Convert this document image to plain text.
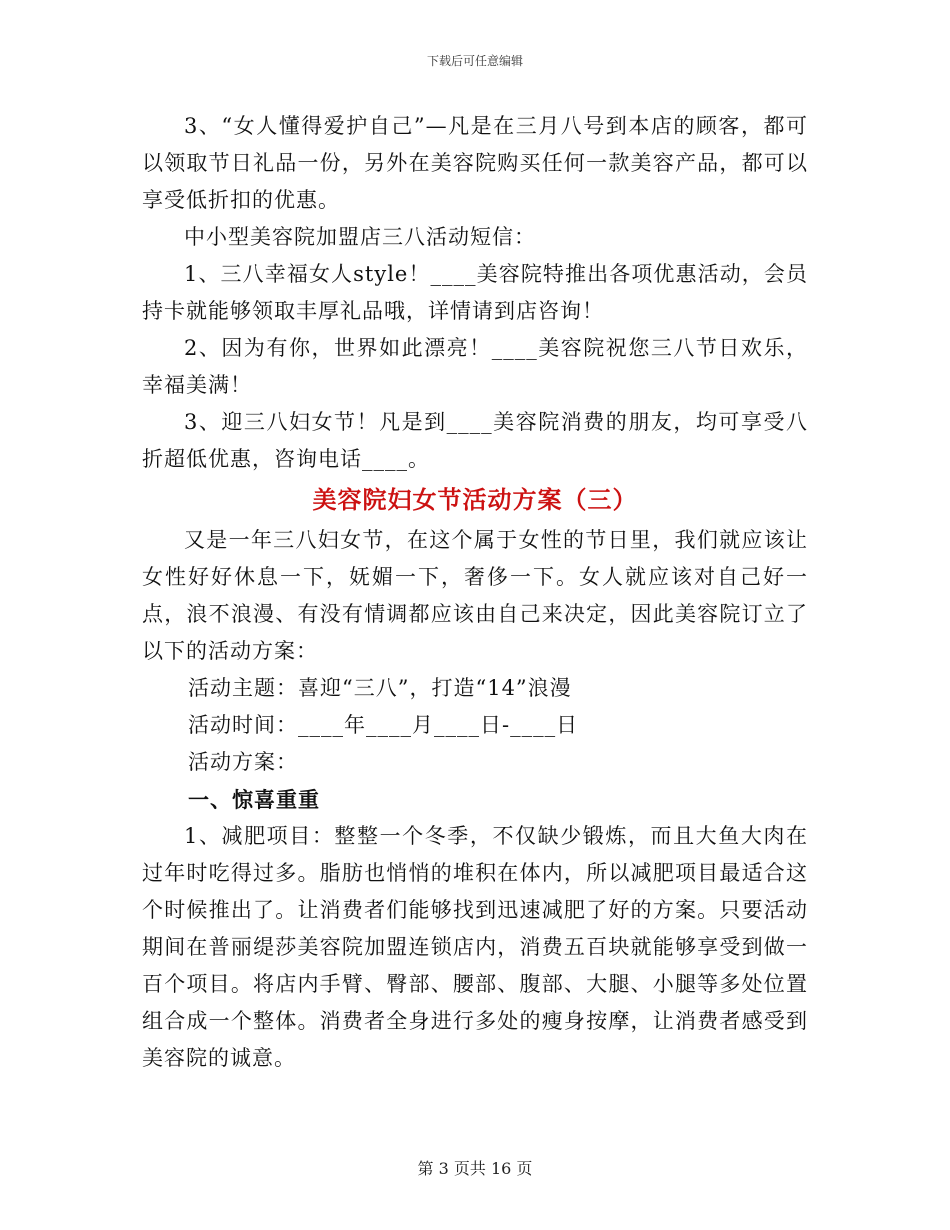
下载后可任意编辑

3、“女人懂得爱护自己”—凡是在三月八号到本店的顾客，都可以领取节日礼品一份，另外在美容院购买任何一款美容产品，都可以享受低折扣的优惠。

中小型美容院加盟店三八活动短信：

1、三八幸福女人style！____美容院特推出各项优惠活动，会员持卡就能够领取丰厚礼品哦，详情请到店咨询！

2、因为有你，世界如此漂亮！____美容院祝您三八节日欢乐，幸福美满！

3、迎三八妇女节！凡是到____美容院消费的朋友，均可享受八折超低优惠，咨询电话____。

美容院妇女节活动方案（三）

又是一年三八妇女节，在这个属于女性的节日里，我们就应该让女性好好休息一下，妩媚一下，奢侈一下。女人就应该对自己好一点，浪不浪漫、有没有情调都应该由自己来决定，因此美容院订立了以下的活动方案：

活动主题：喜迎“三八”，打造“14”浪漫

活动时间：____年____月____日-____日

活动方案：

一、惊喜重重

1、减肥项目：整整一个冬季，不仅缺少锻炼，而且大鱼大肉在过年时吃得过多。脂肪也悄悄的堆积在体内，所以减肥项目最适合这个时候推出了。让消费者们能够找到迅速减肥了好的方案。只要活动期间在普丽缇莎美容院加盟连锁店内，消费五百块就能够享受到做一百个项目。将店内手臂、臀部、腰部、腹部、大腿、小腿等多处位置组合成一个整体。消费者全身进行多处的瘦身按摩，让消费者感受到美容院的诚意。

第 3 页共 16 页
